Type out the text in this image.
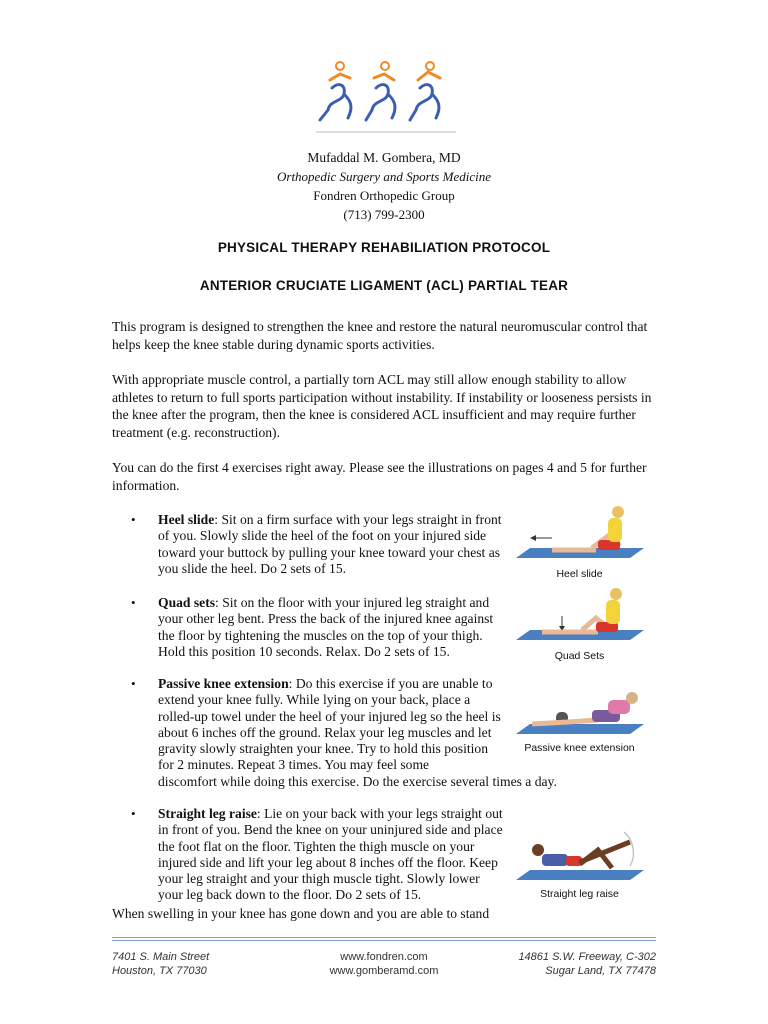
Mufaddal M. Gombera, MD
Orthopedic Surgery and Sports Medicine
Fondren Orthopedic Group
(713) 799-2300
PHYSICAL THERAPY REHABILIATION PROTOCOL
ANTERIOR CRUCIATE LIGAMENT (ACL) PARTIAL TEAR

This program is designed to strengthen the knee and restore the natural neuromuscular control that helps keep the knee stable during dynamic sports activities.

With appropriate muscle control, a partially torn ACL may still allow enough stability to allow athletes to return to full sports participation without instability. If instability or looseness persists in the knee after the program, then the knee is considered ACL insufficient and may require further treatment (e.g. reconstruction).

You can do the first 4 exercises right away. Please see the illustrations on pages 4 and 5 for further information.

• Heel slide: Sit on a firm surface with your legs straight in front of you. Slowly slide the heel of the foot on your injured side toward your buttock by pulling your knee toward your chest as you slide the heel. Do 2 sets of 15.	Heel slide
• Quad sets: Sit on the floor with your injured leg straight and your other leg bent. Press the back of the injured knee against the floor by tightening the muscles on the top of your thigh. Hold this position 10 seconds. Relax. Do 2 sets of 15.	Quad Sets
• Passive knee extension: Do this exercise if you are unable to extend your knee fully. While lying on your back, place a rolled-up towel under the heel of your injured leg so the heel is about 6 inches off the ground. Relax your leg muscles and let gravity slowly straighten your knee. Try to hold this position for 2 minutes. Repeat 3 times. You may feel some

discomfort while doing this exercise. Do the exercise several times a day.

Passive knee extension
• Straight leg raise: Lie on your back with your legs straight out in front of you. Bend the knee on your uninjured side and place the foot flat on the floor. Tighten the thigh muscle on your injured side and lift your leg about 8 inches off the floor. Keep your leg straight and your thigh muscle tight. Slowly lower your leg back down to the floor. Do 2 sets of 15.	Straight leg raise

When swelling in your knee has gone down and you are able to stand

7401 S. Main Street
Houston, TX 77030
www.fondren.com
www.gomberamd.com
14861 S.W. Freeway, C-302
Sugar Land, TX 77478
